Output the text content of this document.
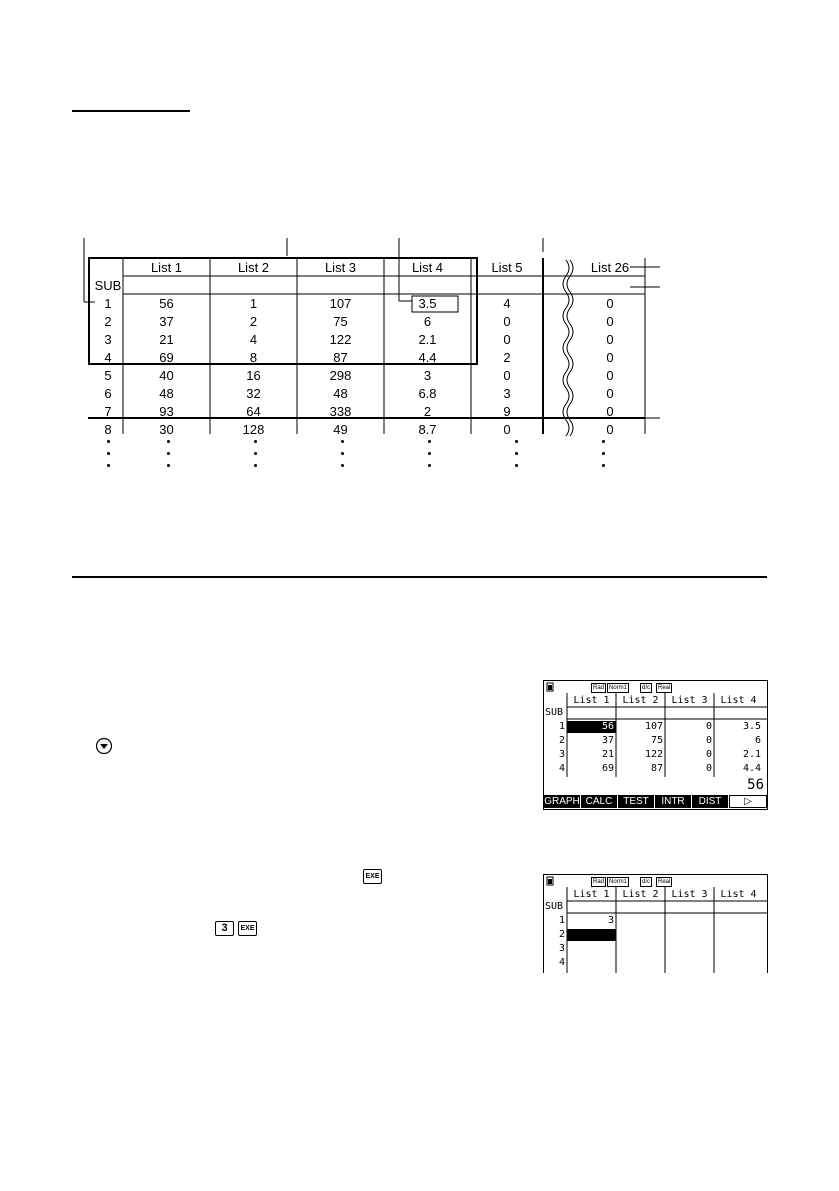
List 1	List 2	List 3	List 4	List 5	List 26
SUB
1	56	1	107	3.5	4	0
2	37	2	75	6	0	0
3	21	4	122	2.1	0	0
4	69	8	87	4.4	2	0
5	40	16	298	3	0	0
6	48	32	48	6.8	3	0
7	93	64	338	2	9	0
8	30	128	49	8.7	0	0
Rad Norm1	d/c	Real
List 1	List 2	List 3	List 4
SUB
1	56	107	0	3.5
2	37	75	0	6
3	21	122	0	2.1
4	69	87	0	4.4
56
GRAPH CALC	TEST	INTR	DIST	▷
EXE
3	EXE
Rad Norm1	d/c	Real
List 1	List 2	List 3	List 4
SUB
1	3
2
3
4
